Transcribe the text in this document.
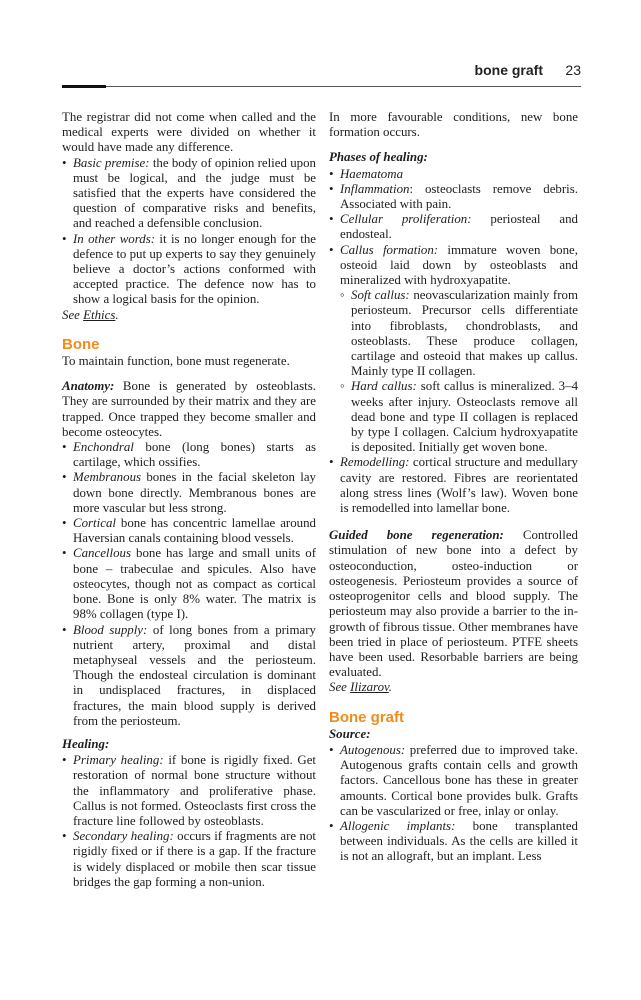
bone graft 23

The registrar did not come when called and the medical experts were divided on whether it would have made any difference.

• Basic premise: the body of opinion relied upon must be logical, and the judge must be satisfied that the experts have considered the question of comparative risks and benefits, and reached a defensible conclusion.
• In other words: it is no longer enough for the defence to put up experts to say they genuinely believe a doctor’s actions conformed with accepted practice. The defence now has to show a logical basis for the opinion.

See Ethics.

Bone

To maintain function, bone must regenerate.

Anatomy: Bone is generated by osteoblasts. They are surrounded by their matrix and they are trapped. Once trapped they become smaller and become osteocytes.

• Enchondral bone (long bones) starts as cartilage, which ossifies.
• Membranous bones in the facial skeleton lay down bone directly. Membranous bones are more vascular but less strong.
• Cortical bone has concentric lamellae around Haversian canals containing blood vessels.
• Cancellous bone has large and small units of bone – trabeculae and spicules. Also have osteocytes, though not as compact as cortical bone. Bone is only 8% water. The matrix is 98% collagen (type I).
• Blood supply: of long bones from a primary nutrient artery, proximal and distal metaphyseal vessels and the periosteum. Though the endosteal circulation is dominant in undisplaced fractures, in displaced fractures, the main blood supply is derived from the periosteum.
Healing:
• Primary healing: if bone is rigidly fixed. Get restoration of normal bone structure without the inflammatory and proliferative phase. Callus is not formed. Osteoclasts first cross the fracture line followed by osteoblasts.
• Secondary healing: occurs if fragments are not rigidly fixed or if there is a gap. If the fracture is widely displaced or mobile then scar tissue bridges the gap forming a non-union.

In more favourable conditions, new bone formation occurs.

Phases of healing:
• Haematoma
• Inflammation: osteoclasts remove debris. Associated with pain.
• Cellular proliferation: periosteal and endosteal.
• Callus formation: immature woven bone, osteoid laid down by osteoblasts and mineralized with hydroxyapatite.
◦ Soft callus: neovascularization mainly from periosteum. Precursor cells differentiate into fibroblasts, chondroblasts, and osteoblasts. These produce collagen, cartilage and osteoid that makes up callus. Mainly type II collagen.
◦ Hard callus: soft callus is mineralized. 3–4 weeks after injury. Osteoclasts remove all dead bone and type II collagen is replaced by type I collagen. Calcium hydroxyapatite is deposited. Initially get woven bone.
• Remodelling: cortical structure and medullary cavity are restored. Fibres are reorientated along stress lines (Wolf’s law). Woven bone is remodelled into lamellar bone.

Guided bone regeneration: Controlled stimulation of new bone into a defect by osteoconduction, osteo-induction or osteogenesis. Periosteum provides a source of osteoprogenitor cells and blood supply. The periosteum may also provide a barrier to the in-growth of fibrous tissue. Other membranes have been tried in place of periosteum. PTFE sheets have been used. Resorbable barriers are being evaluated.

See Ilizarov.

Bone graft
Source:
• Autogenous: preferred due to improved take. Autogenous grafts contain cells and growth factors. Cancellous bone has these in greater amounts. Cortical bone provides bulk. Grafts can be vascularized or free, inlay or onlay.
• Allogenic implants: bone transplanted between individuals. As the cells are killed it is not an allograft, but an implant. Less
